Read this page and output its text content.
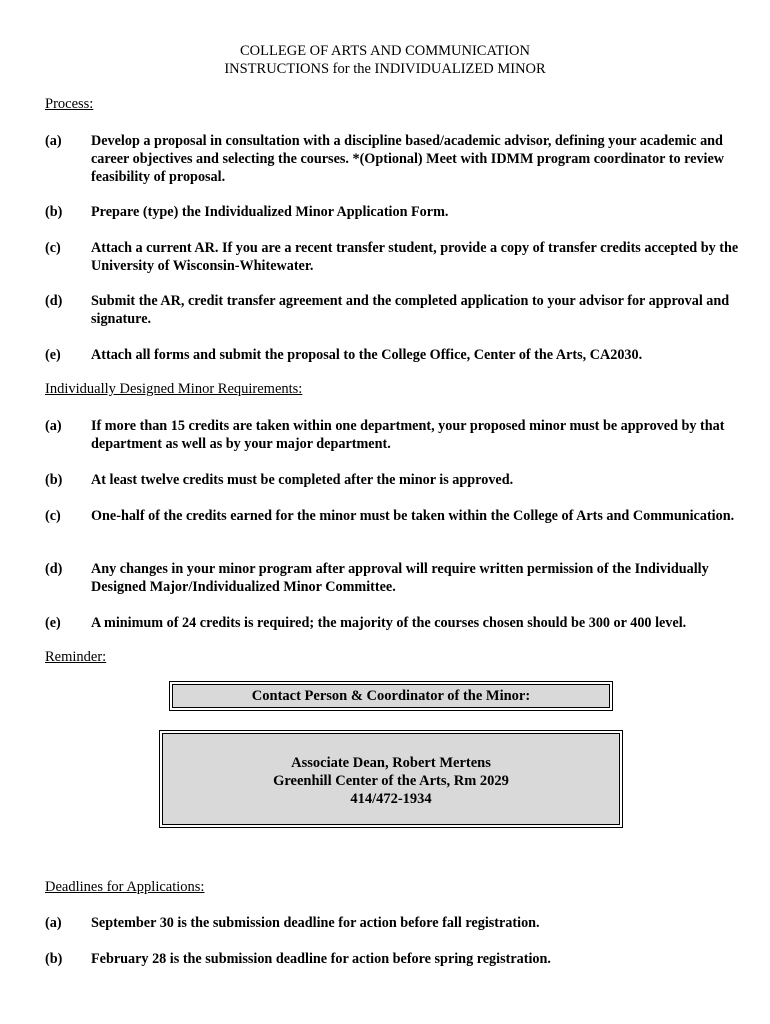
COLLEGE OF ARTS AND COMMUNICATION
INSTRUCTIONS for the INDIVIDUALIZED MINOR
Process:
(a)	Develop a proposal in consultation with a discipline based/academic advisor, defining your academic and career objectives and selecting the courses. *(Optional) Meet with IDMM program coordinator to review feasibility of proposal.
(b)	Prepare (type) the Individualized Minor Application Form.
(c)	Attach a current AR. If you are a recent transfer student, provide a copy of transfer credits accepted by the University of Wisconsin-Whitewater.
(d)	Submit the AR, credit transfer agreement and the completed application to your advisor for approval and signature.
(e)	Attach all forms and submit the proposal to the College Office, Center of the Arts, CA2030.
Individually Designed Minor Requirements:
(a)	If more than 15 credits are taken within one department, your proposed minor must be approved by that department as well as by your major department.
(b)	At least twelve credits must be completed after the minor is approved.
(c)	One-half of the credits earned for the minor must be taken within the College of Arts and Communication.
(d)	Any changes in your minor program after approval will require written permission of the Individually Designed Major/Individualized Minor Committee.
(e)	A minimum of 24 credits is required; the majority of the courses chosen should be 300 or 400 level.
Reminder:
Contact Person & Coordinator of the Minor:
Associate Dean, Robert Mertens
Greenhill Center of the Arts, Rm 2029
414/472-1934
Deadlines for Applications:
(a)	September 30 is the submission deadline for action before fall registration.
(b)	February 28 is the submission deadline for action before spring registration.
